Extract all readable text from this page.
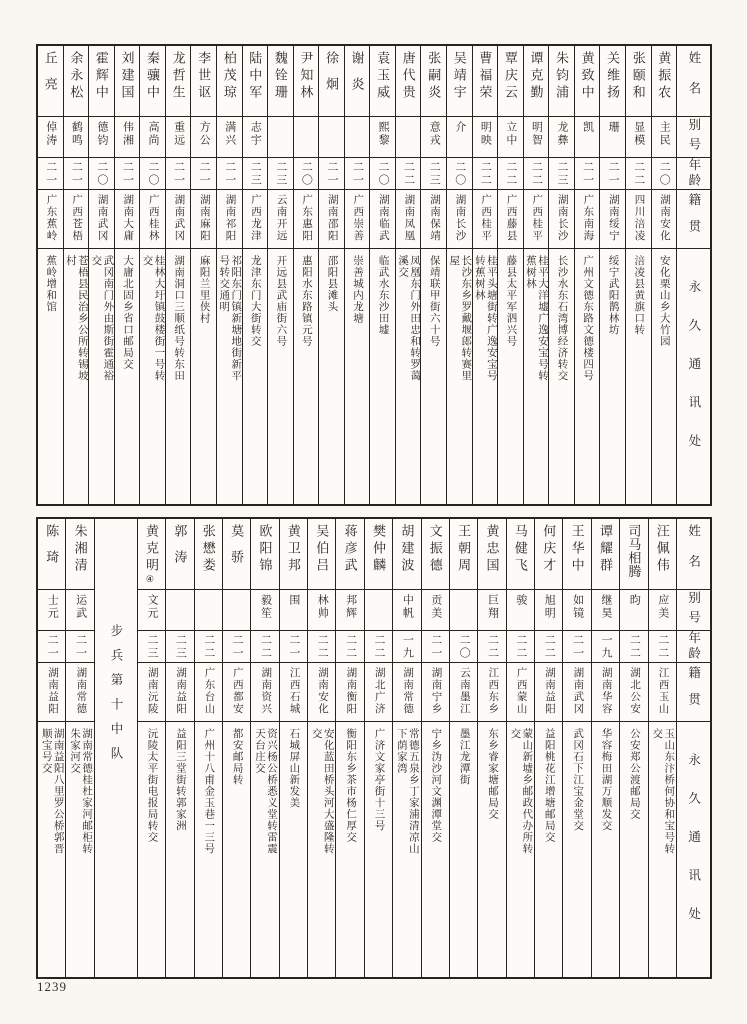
丘亮
倬涛
二一
广东蕉岭
蕉岭增和馆
余永松
鹤鸣
二一
广西苍梧
苍梧县民治乡公所转锡坡村
霍辉中
德钧
二〇
湖南武冈
武冈南门外由斯街霍通裕交
刘建国
伟湘
二一
湖南大庸
大庸北固乡省口邮局交
秦骧中
高尚
二〇
广西桂林
桂林大圩镇鼓楼街一号转交
龙哲生
重远
二一
湖南武冈
湖南洞口三顺纸号转东田
李世讴
方公
二一
湖南麻阳
麻阳兰里侠村
柏茂琼
满兴
二一
湖南祁阳
祁阳东门镇新塘地街新平号转交通明
陆中军
志宇
二三
广西龙津
龙津东门大街转交
魏铨珊
二三
云南开远
开远县武庙街六号
尹知林
二〇
广东惠阳
惠阳水东路镇元号
徐炯
二一
湖南邵阳
邵阳县滩头
谢炎
二一
广西崇善
崇善城内龙塘
袁玉威
熙黎
二〇
湖南临武
临武水东沙田墟
唐代贵
二二
湖南凤凰
凤凰东门外田忠和转罗蔼溪交
张嗣炎
意戎
二三
湖南保靖
保靖联甲街六十号
吴靖宇
介
二〇
湖南长沙
长沙东乡罗戴堰郎转赛里屋
曹福荣
明映
二二
广西桂平
桂平头塘街转广逸安宝号转蕉树林
覃庆云
立中
二二
广西藤县
藤县太平军泗兴号
谭克勤
明智
二二
广西桂平
桂平大洋墟广逸安宝号转蕉树林
朱钧浦
龙彝
二三
湖南长沙
长沙水东石湾博经济转交
黄致中
凯
二一
广东南海
广州文德东路文德楼四号
关维扬
珊
二一
湖南绥宁
绥宁武阳鹊林坊
张颐和
显模
二二
四川涪凌
涪凌县黄旗口转
黄振农
主民
二〇
湖南安化
安化栗山乡大竹园
姓名
别号
年龄
籍贯
永久通讯处
陈琦
士元
二一
湖南益阳
湖南益阳八里罗公桥郭晋顺宝号交
朱湘清
运武
二一
湖南常德
湖南常德桂杜家河邮柜转朱家河交	步兵第十中队
黄克明④
文元
二三
湖南沅陵
沅陵太平街电报局转交
郭涛
二三
湖南益阳
益阳三堂街转郭家洲
张懋娄
二二
广东台山
广州十八甫金玉巷一三号
莫骄
二一
广西都安
都安邮局转
欧阳锦
毅笙
二二
湖南资兴
资兴杨公桥悉义堂转雷震天台庄交
黄卫邦
围
二一
江西石城
石城屏山新发美
吴伯吕
林帅
二二
湖南安化
安化蓝田桥头河大盛隆转交
蒋彦武
邦辉
二二
湖南衡阳
衡阳东乡茶市杨仁厚交
樊仲麟
二二
湖北广济
广济文家亭街十三号
胡建波
中帆
一九
湖南常德
常德五泉乡丁家浦清凉山下荫家湾
文振德
贡美
二一
湖南宁乡
宁乡沩沙河文渊潭堂交
王朝周
二〇
云南墨江
墨江龙潭街
黄忠国
巨翔
二二
江西东乡
东乡睿家塘邮局交
马健飞
骏
二二
广西蒙山
蒙山新墟乡邮政代办所转交
何庆才
旭明
二二
湖南益阳
益阳桃花江增塘邮局交
王华中
如镜
二一
湖南武冈
武冈石下江宝金堂交
谭耀群
继昊
一九
湖南华容
华容梅田湖万顺发交
司马相腾
昀
二二
湖北公安
公安郑公渡邮局交
汪佩伟
应美
二二
江西玉山
玉山东汴桥何协和宝号转交
姓名
别号
年龄
籍贯
永久通讯处
1239
